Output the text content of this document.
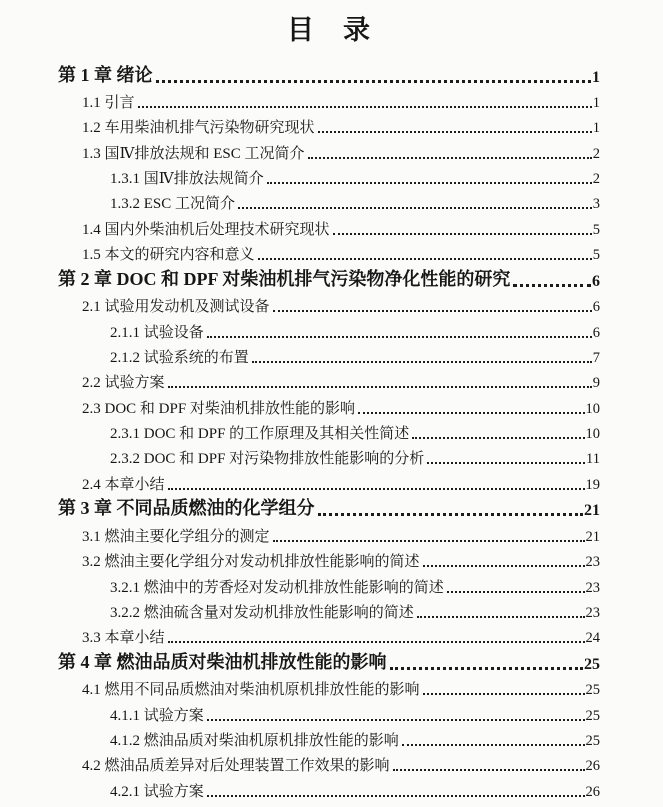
目　录
第 1 章 绪论	1
1.1 引言	1
1.2 车用柴油机排气污染物研究现状	1
1.3 国Ⅳ排放法规和 ESC 工况简介	2
1.3.1 国Ⅳ排放法规简介	2
1.3.2 ESC 工况简介	3
1.4 国内外柴油机后处理技术研究现状	5
1.5 本文的研究内容和意义	5
第 2 章 DOC 和 DPF 对柴油机排气污染物净化性能的研究	6
2.1 试验用发动机及测试设备	6
2.1.1 试验设备	6
2.1.2 试验系统的布置	7
2.2 试验方案	9
2.3 DOC 和 DPF 对柴油机排放性能的影响	10
2.3.1 DOC 和 DPF 的工作原理及其相关性简述	10
2.3.2 DOC 和 DPF 对污染物排放性能影响的分析	11
2.4 本章小结	19
第 3 章 不同品质燃油的化学组分	21
3.1 燃油主要化学组分的测定	21
3.2 燃油主要化学组分对发动机排放性能影响的简述	23
3.2.1 燃油中的芳香烃对发动机排放性能影响的简述	23
3.2.2 燃油硫含量对发动机排放性能影响的简述	23
3.3 本章小结	24
第 4 章 燃油品质对柴油机排放性能的影响	25
4.1 燃用不同品质燃油对柴油机原机排放性能的影响	25
4.1.1 试验方案	25
4.1.2 燃油品质对柴油机原机排放性能的影响	25
4.2 燃油品质差异对后处理装置工作效果的影响	26
4.2.1 试验方案	26
